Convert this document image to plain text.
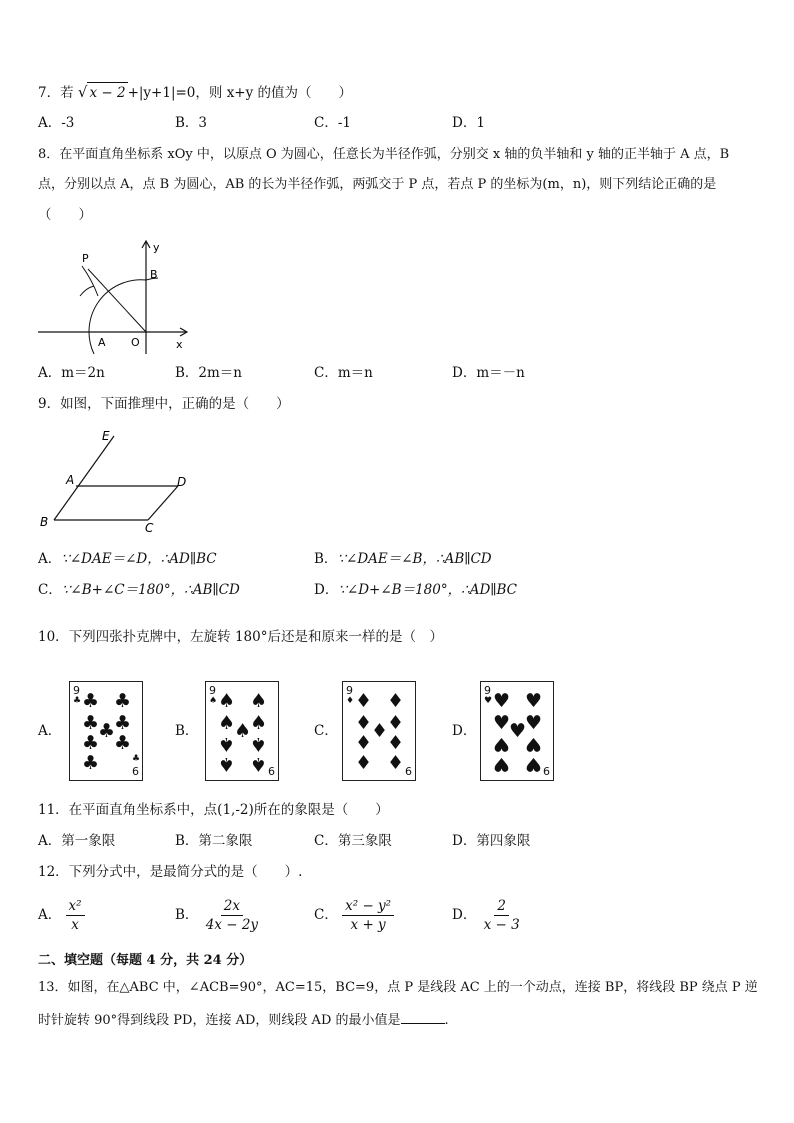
7．若 √ x − 2 +|y+1|=0，则 x+y 的值为（　　）
A．-3	B．3	C．-1	D．1
8．在平面直角坐标系 xOy 中，以原点 O 为圆心，任意长为半径作弧，分别交 x 轴的负半轴和 y 轴的正半轴于 A 点，B
点，分别以点 A，点 B 为圆心，AB 的长为半径作弧，两弧交于 P 点，若点 P 的坐标为(m，n)，则下列结论正确的是
（　　）
P
y
B
A O	x
A．m＝2n	B．2m＝n	C．m＝n	D．m＝－n
9．如图，下面推理中，正确的是（　　）
E
A	D
B	C
A．∵∠DAE＝∠D，∴AD∥BC	B．∵∠DAE＝∠B，∴AB∥CD
C．∵∠B+∠C＝180°，∴AB∥CD	D．∵∠D+∠B＝180°，∴AD∥BC
10．下列四张扑克牌中，左旋转 180°后还是和原来一样的是（　）
A．
9
♣ ♣ ♣
♣ ♣
♣
♣ ♣
♣	♣
6
B．
9
♠ ♠ ♠
♠ ♠
♠
♠ ♠
♠ ♠ 6
C．
9
♦ ♦ ♦
♦ ♦
♦
♦ ♦
♦ ♦ 6
D．
9
♥ ♥ ♥
♥ ♥
♥
♥ ♥
♥ ♥ 6
11．在平面直角坐标系中，点(1,-2)所在的象限是（　　）
A．第一象限	B．第二象限	C．第三象限	D．第四象限
12．下列分式中，是最简分式的是（　　）.
A． $\frac{\text{x²}}{x}$	B． $\frac{2x}{4x - 2y}$	C． $\frac{\text{x² − y²}}{x + y}$	D． $\frac{2}{x - 3}$
二、填空题（每题 4 分，共 24 分）
13．如图，在△ABC 中，∠ACB=90°，AC=15，BC=9，点 P 是线段 AC 上的一个动点，连接 BP，将线段 BP 绕点 P 逆
时针旋转 90°得到线段 PD，连接 AD，则线段 AD 的最小值是	.
